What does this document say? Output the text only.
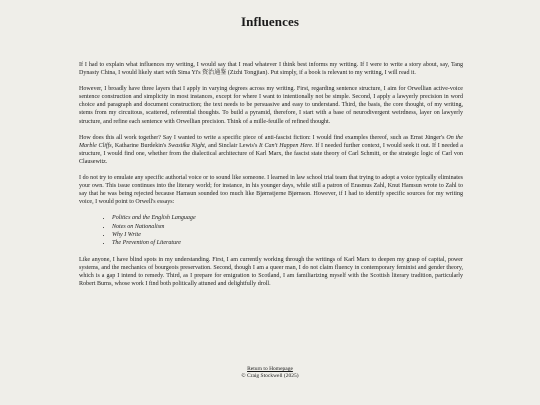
Influences

If I had to explain what influences my writing, I would say that I read whatever I think best informs my writing. If I were to write a story about, say, Tang Dynasty China, I would likely start with Sima Yi's 资治通鉴 (Zizhi Tongjian). Put simply, if a book is relevant to my writing, I will read it.

However, I broadly have three layers that I apply in varying degrees across my writing. First, regarding sentence structure, I aim for Orwellian active-voice sentence construction and simplicity in most instances, except for where I want to intentionally not be simple. Second, I apply a lawyerly precision in word choice and paragraph and document construction; the text needs to be persuasive and easy to understand. Third, the basis, the core thought, of my writing, stems from my circuitous, scattered, referential thoughts. To build a pyramid, therefore, I start with a base of neurodivergent weirdness, layer on lawyerly structure, and refine each sentence with Orwellian precision. Think of a mille-feuille of refined thought.

How does this all work together? Say I wanted to write a specific piece of anti-fascist fiction: I would find examples thereof, such as Ernst Jünger's On the Marble Cliffs, Katharine Burdekin's Swastika Night, and Sinclair Lewis's It Can't Happen Here. If I needed further context, I would seek it out. If I needed a structure, I would find one, whether from the dialectical architecture of Karl Marx, the fascist state theory of Carl Schmitt, or the strategic logic of Carl von Clausewitz.

I do not try to emulate any specific authorial voice or to sound like someone. I learned in law school trial team that trying to adopt a voice typically eliminates your own. This issue continues into the literary world; for instance, in his younger days, while still a patron of Erasmus Zahl, Knut Hamsun wrote to Zahl to say that he was being rejected because Hamsun sounded too much like Bjørnstjerne Bjørnson. However, if I had to identify specific sources for my writing voice, I would point to Orwell's essays:

• Politics and the English Language
• Notes on Nationalism
• Why I Write
• The Prevention of Literature

Like anyone, I have blind spots in my understanding. First, I am currently working through the writings of Karl Marx to deepen my grasp of capital, power systems, and the mechanics of bourgeois preservation. Second, though I am a queer man, I do not claim fluency in contemporary feminist and gender theory, which is a gap I intend to remedy. Third, as I prepare for emigration to Scotland, I am familiarizing myself with the Scottish literary tradition, particularly Robert Burns, whose work I find both politically attuned and delightfully droll.

Return to Homepage
© Craig Stockwell (2025)
